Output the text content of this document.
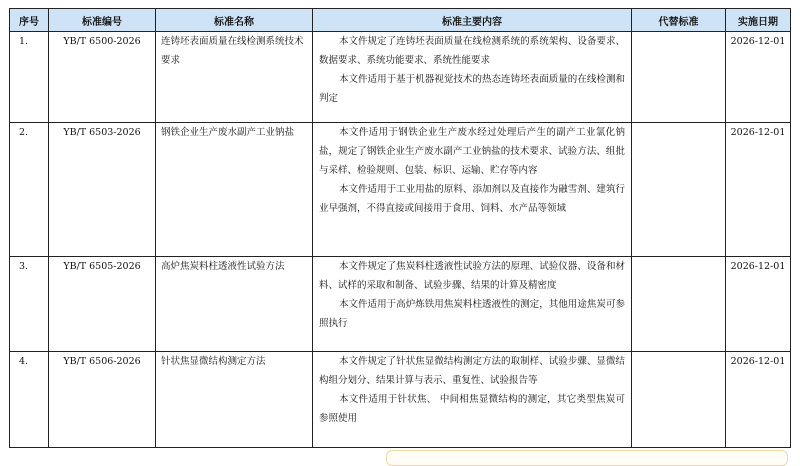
序号	标准编号	标准名称	标准主要内容	代替标准	实施日期
1.	YB/T 6500-2026	连铸坯表面质量在线检测系统技术要求	本文件规定了连铸坯表面质量在线检测系统的系统架构、设备要求、数据要求、系统功能要求、系统性能要求

本文件适用于基于机器视觉技术的热态连铸坯表面质量的在线检测和判定		2026-12-01
2.	YB/T 6503-2026	钢铁企业生产废水副产工业钠盐	本文件适用于钢铁企业生产废水经过处理后产生的副产工业氯化钠盐，规定了钢铁企业生产废水副产工业钠盐的技术要求、试验方法、组批与采样、检验规则、包装、标识、运输、贮存等内容

本文件适用于工业用盐的原料、添加剂以及直接作为融雪剂、建筑行业早强剂，不得直接或间接用于食用、饲料、水产品等领域		2026-12-01
3.	YB/T 6505-2026	高炉焦炭料柱透液性试验方法	本文件规定了焦炭料柱透液性试验方法的原理、试验仪器、设备和材料、试样的采取和制备、试验步骤、结果的计算及精密度

本文件适用于高炉炼铁用焦炭料柱透液性的测定，其他用途焦炭可参照执行		2026-12-01
4.	YB/T 6506-2026	针状焦显微结构测定方法	本文件规定了针状焦显微结构测定方法的取制样、试验步骤、显微结构组分划分、结果计算与表示、重复性、试验报告等

本文件适用于针状焦、 中间相焦显微结构的测定，其它类型焦炭可参照使用		2026-12-01
